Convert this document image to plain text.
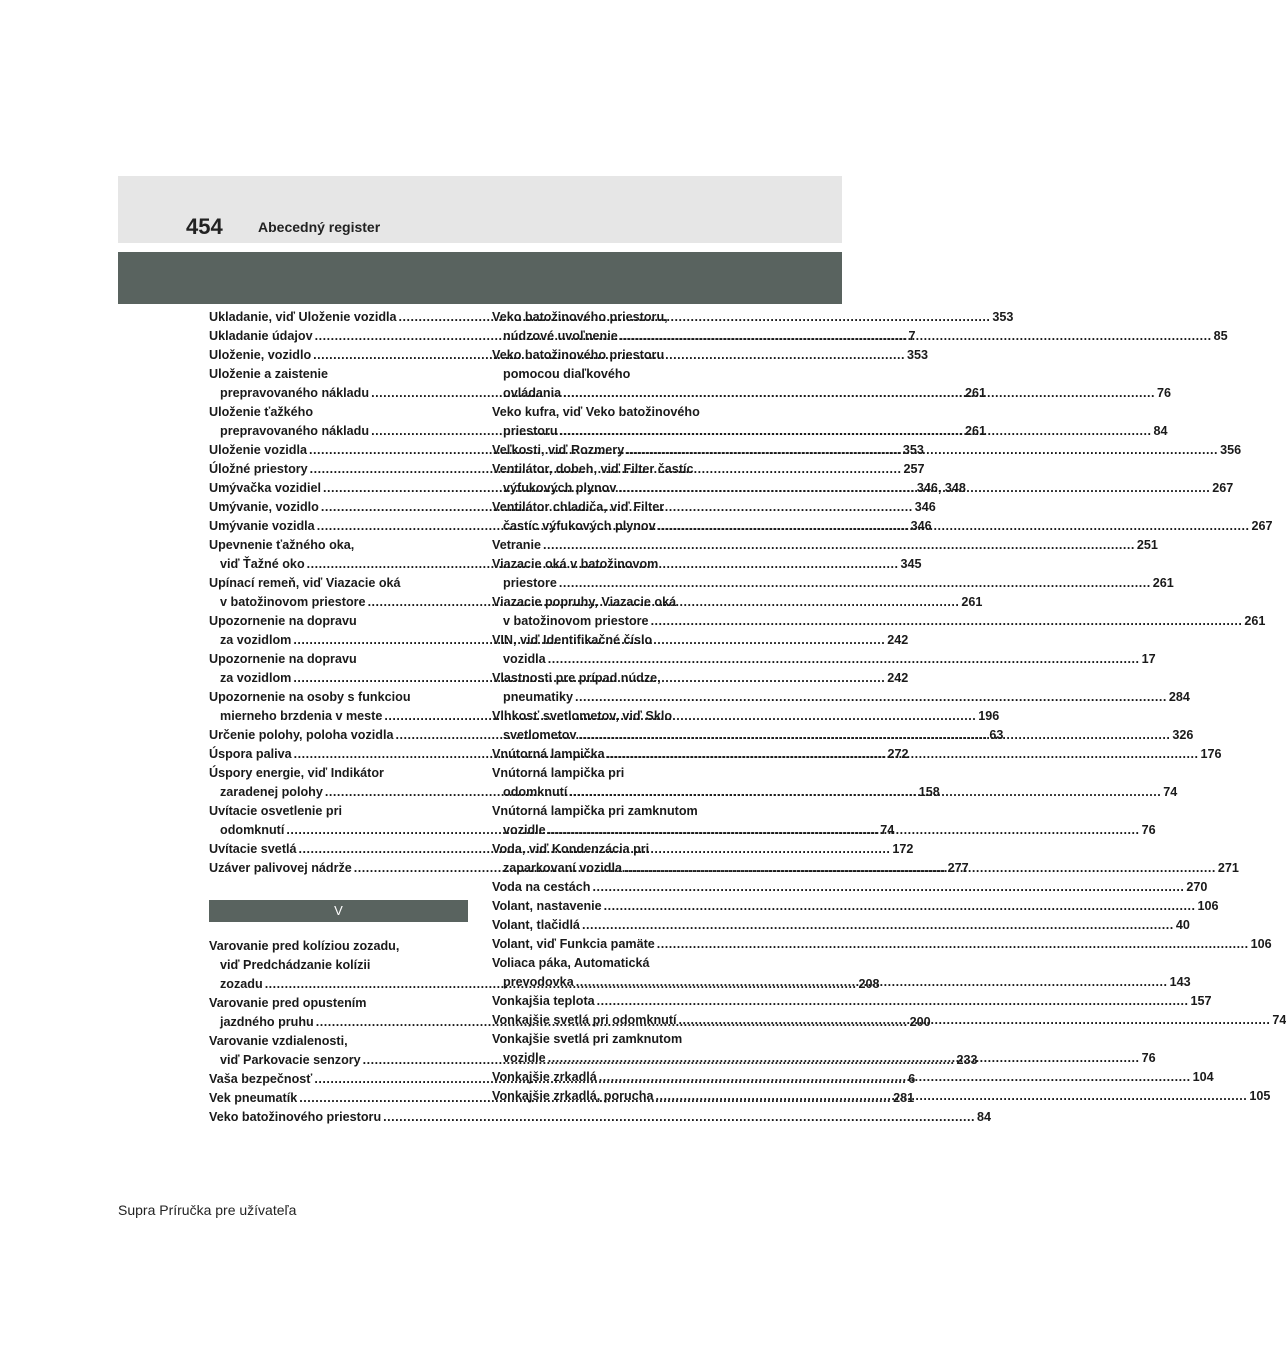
454	Abecedný register
Ukladanie, viď Uloženie vozidla .....	353
Ukladanie údajov .....	7
Uloženie, vozidlo .....	353
Uloženie a zaistenie
prepravovaného nákladu .....	261
Uloženie ťažkého
prepravovaného nákladu .....	261
Uloženie vozidla .....	353
Úložné priestory .....	257
Umývačka vozidiel .....	346, 348
Umývanie, vozidlo .....	346
Umývanie vozidla .....	346
Upevnenie ťažného oka,
viď Ťažné oko .....	345
Upínací remeň, viď Viazacie oká
v batožinovom priestore .....	261
Upozornenie na dopravu
za vozidlom .....	242
Upozornenie na dopravu
za vozidlom .....	242
Upozornenie na osoby s funkciou
mierneho brzdenia v meste .....	196
Určenie polohy, poloha vozidla .....	63
Úspora paliva .....	272
Úspory energie, viď Indikátor
zaradenej polohy .....	158
Uvítacie osvetlenie pri
odomknutí .....	74
Uvítacie svetlá .....	172
Uzáver palivovej nádrže .....	277
V
Varovanie pred kolíziou zozadu,
viď Predchádzanie kolízii
zozadu .....	208
Varovanie pred opustením
jazdného pruhu .....	200
Varovanie vzdialenosti,
viď Parkovacie senzory .....	233
Vaša bezpečnosť .....	6
Vek pneumatík .....	281
Veko batožinového priestoru .....	84
Veko batožinového priestoru,
núdzové uvoľnenie .....	85
Veko batožinového priestoru
pomocou diaľkového
ovládania .....	76
Veko kufra, viď Veko batožinového
priestoru .....	84
Veľkosti, viď Rozmery .....	356
Ventilátor, dobeh, viď Filter častíc
výfukových plynov .....	267
Ventilátor chladiča, viď Filter
častíc výfukových plynov .....	267
Vetranie .....	251
Viazacie oká v batožinovom
priestore .....	261
Viazacie popruhy, Viazacie oká
v batožinovom priestore .....	261
VIN, viď Identifikačné číslo
vozidla .....	17
Vlastnosti pre prípad núdze,
pneumatiky .....	284
Vlhkosť svetlometov, viď Sklo
svetlometov .....	326
Vnútorná lampička .....	176
Vnútorná lampička pri
odomknutí .....	74
Vnútorná lampička pri zamknutom
vozidle .....	76
Voda, viď Kondenzácia pri
zaparkovaní vozidla .....	271
Voda na cestách .....	270
Volant, nastavenie .....	106
Volant, tlačidlá .....	40
Volant, viď Funkcia pamäte .....	106
Voliaca páka, Automatická
prevodovka .....	143
Vonkajšia teplota .....	157
Vonkajšie svetlá pri odomknutí .....	74
Vonkajšie svetlá pri zamknutom
vozidle .....	76
Vonkajšie zrkadlá .....	104
Vonkajšie zrkadlá, porucha .....	105
Supra Príručka pre užívateľa
